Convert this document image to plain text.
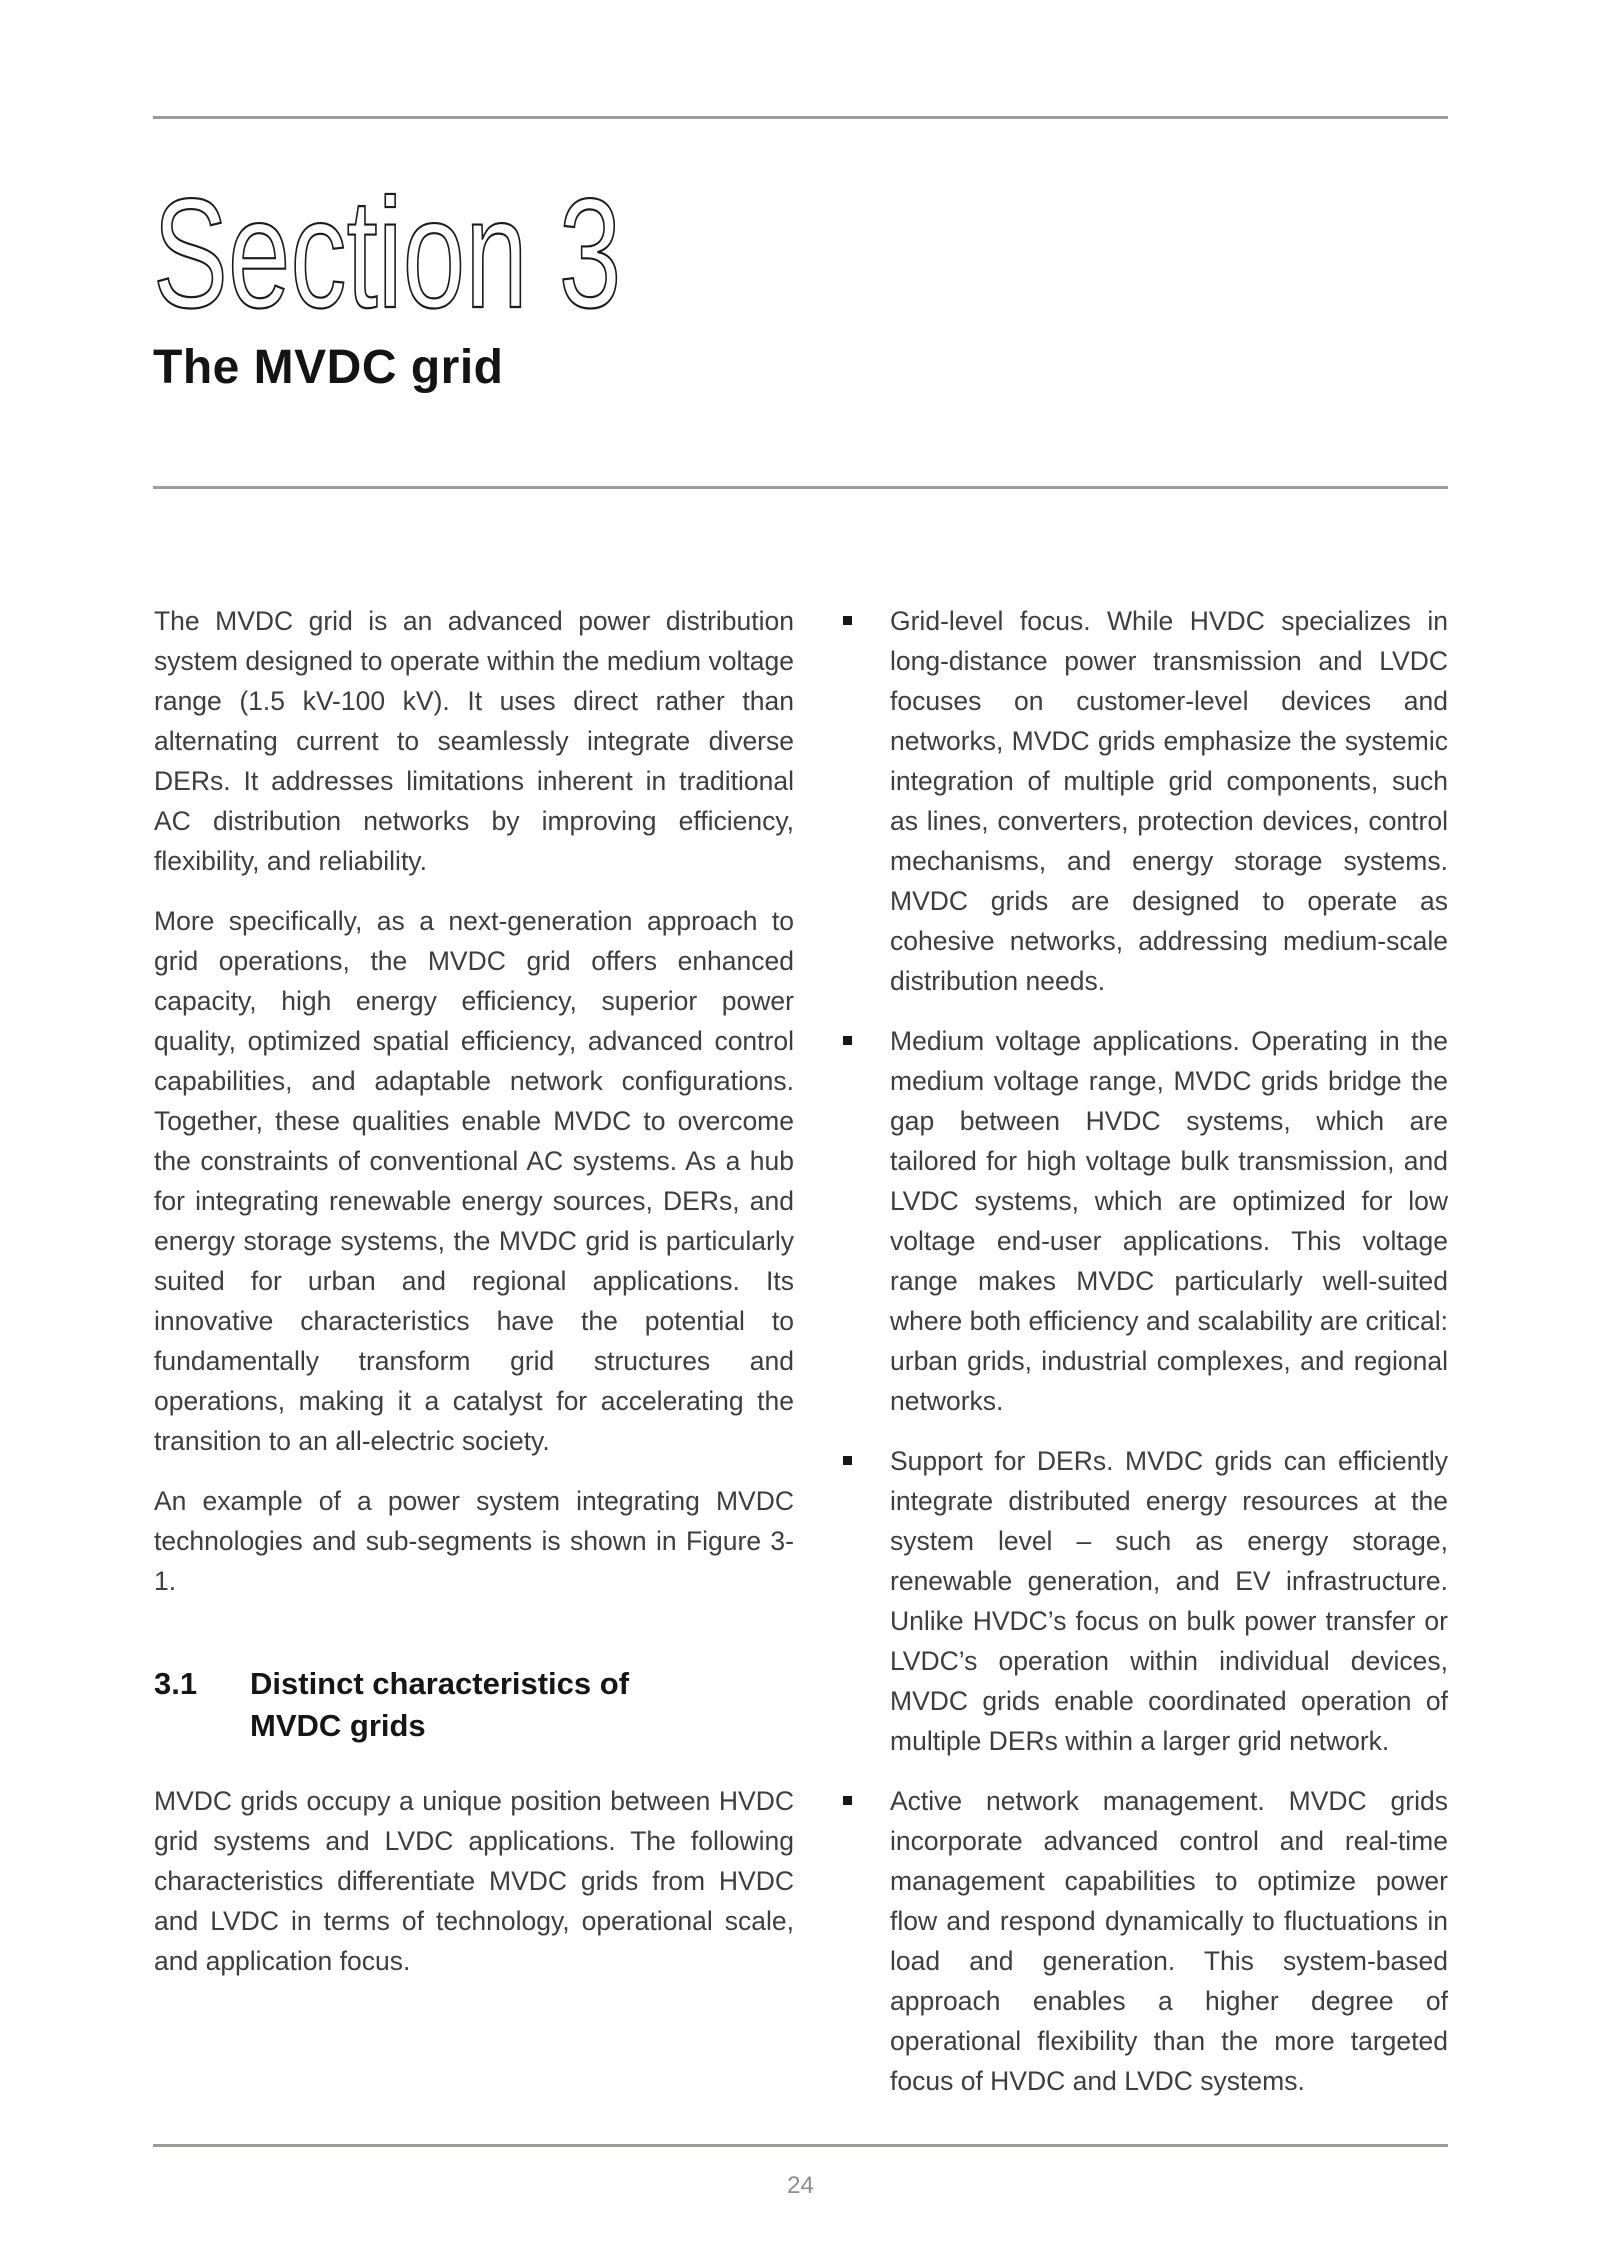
Section 3
The MVDC grid

The MVDC grid is an advanced power distribution system designed to operate within the medium voltage range (1.5 kV-100 kV). It uses direct rather than alternating current to seamlessly integrate diverse DERs. It addresses limitations inherent in traditional AC distribution networks by improving efficiency, flexibility, and reliability.

More specifically, as a next-generation approach to grid operations, the MVDC grid offers enhanced capacity, high energy efficiency, superior power quality, optimized spatial efficiency, advanced control capabilities, and adaptable network configurations. Together, these qualities enable MVDC to overcome the constraints of conventional AC systems. As a hub for integrating renewable energy sources, DERs, and energy storage systems, the MVDC grid is particularly suited for urban and regional applications. Its innovative characteristics have the potential to fundamentally transform grid structures and operations, making it a catalyst for accelerating the transition to an all-electric society.

An example of a power system integrating MVDC technologies and sub-segments is shown in Figure 3-1.

3.1	Distinct characteristics of MVDC grids

MVDC grids occupy a unique position between HVDC grid systems and LVDC applications. The following characteristics differentiate MVDC grids from HVDC and LVDC in terms of technology, operational scale, and application focus.

Grid-level focus. While HVDC specializes in long-distance power transmission and LVDC focuses on customer-level devices and networks, MVDC grids emphasize the systemic integration of multiple grid components, such as lines, converters, protection devices, control mechanisms, and energy storage systems. MVDC grids are designed to operate as cohesive networks, addressing medium-scale distribution needs.
Medium voltage applications. Operating in the medium voltage range, MVDC grids bridge the gap between HVDC systems, which are tailored for high voltage bulk transmission, and LVDC systems, which are optimized for low voltage end-user applications. This voltage range makes MVDC particularly well-suited where both efficiency and scalability are critical: urban grids, industrial complexes, and regional networks.
Support for DERs. MVDC grids can efficiently integrate distributed energy resources at the system level – such as energy storage, renewable generation, and EV infrastructure. Unlike HVDC’s focus on bulk power transfer or LVDC’s operation within individual devices, MVDC grids enable coordinated operation of multiple DERs within a larger grid network.
Active network management. MVDC grids incorporate advanced control and real-time management capabilities to optimize power flow and respond dynamically to fluctuations in load and generation. This system-based approach enables a higher degree of operational flexibility than the more targeted focus of HVDC and LVDC systems.
24
